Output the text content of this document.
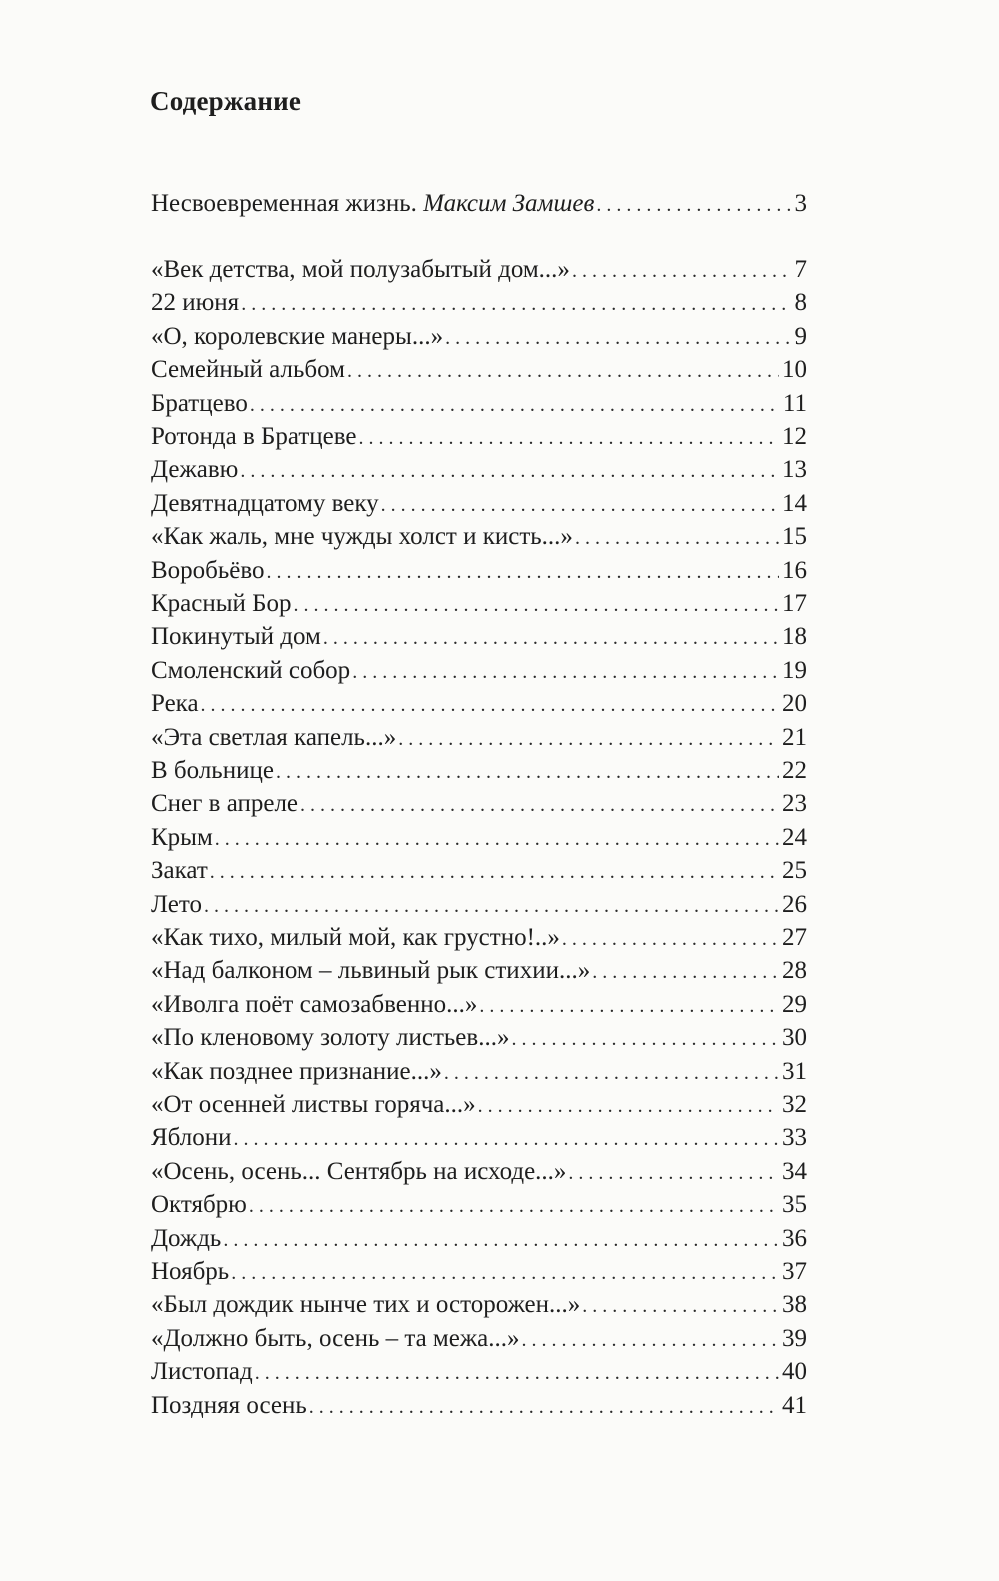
Содержание
Несвоевременная жизнь. Максим Замшев . . .	3
«Век детства, мой полузабытый дом...» . . .	7
22 июня . . .	8
«О, королевские манеры...» . . .	9
Семейный альбом . . .	10
Братцево . . .	11
Ротонда в Братцеве . . .	12
Дежавю . . .	13
Девятнадцатому веку . . .	14
«Как жаль, мне чужды холст и кисть...» . . .	15
Воробьёво . . .	16
Красный Бор . . .	17
Покинутый дом . . .	18
Смоленский собор . . .	19
Река . . .	20
«Эта светлая капель...» . . .	21
В больнице . . .	22
Снег в апреле . . .	23
Крым . . .	24
Закат . . .	25
Лето . . .	26
«Как тихо, милый мой, как грустно!..» . . .	27
«Над балконом – львиный рык стихии...» . . .	28
«Иволга поёт самозабвенно...» . . .	29
«По кленовому золоту листьев...» . . .	30
«Как позднее признание...» . . .	31
«От осенней листвы горяча...» . . .	32
Яблони . . .	33
«Осень, осень... Сентябрь на исходе...» . . .	34
Октябрю . . .	35
Дождь . . .	36
Ноябрь . . .	37
«Был дождик нынче тих и осторожен...» . . .	38
«Должно быть, осень – та межа...» . . .	39
Листопад . . .	40
Поздняя осень . . .	41
